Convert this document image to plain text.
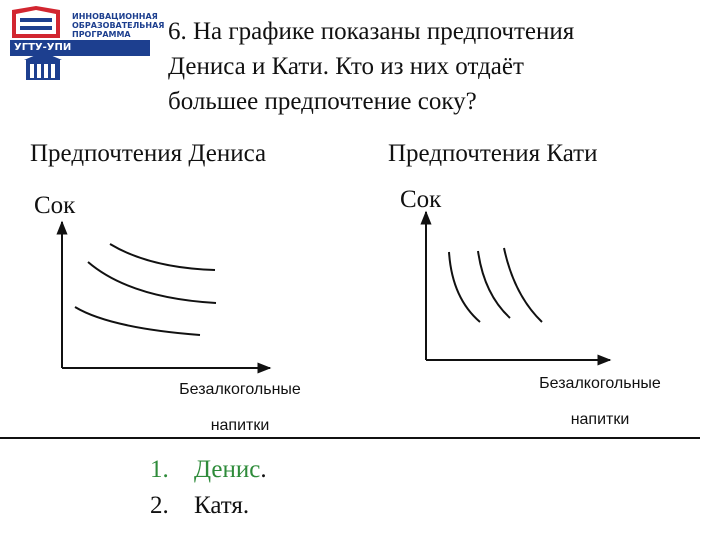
ИННОВАЦИОННАЯ
ОБРАЗОВАТЕЛЬНАЯ
ПРОГРАММА
УГТУ-УПИ
6. На графике показаны предпочтения
Дениса и Кати. Кто из них отдаёт
большее предпочтение соку?
Предпочтения Дениса	Предпочтения Кати
Сок	Сок
Безалкогольные
напитки
Безалкогольные
напитки
1. Денис.
2. Катя.
